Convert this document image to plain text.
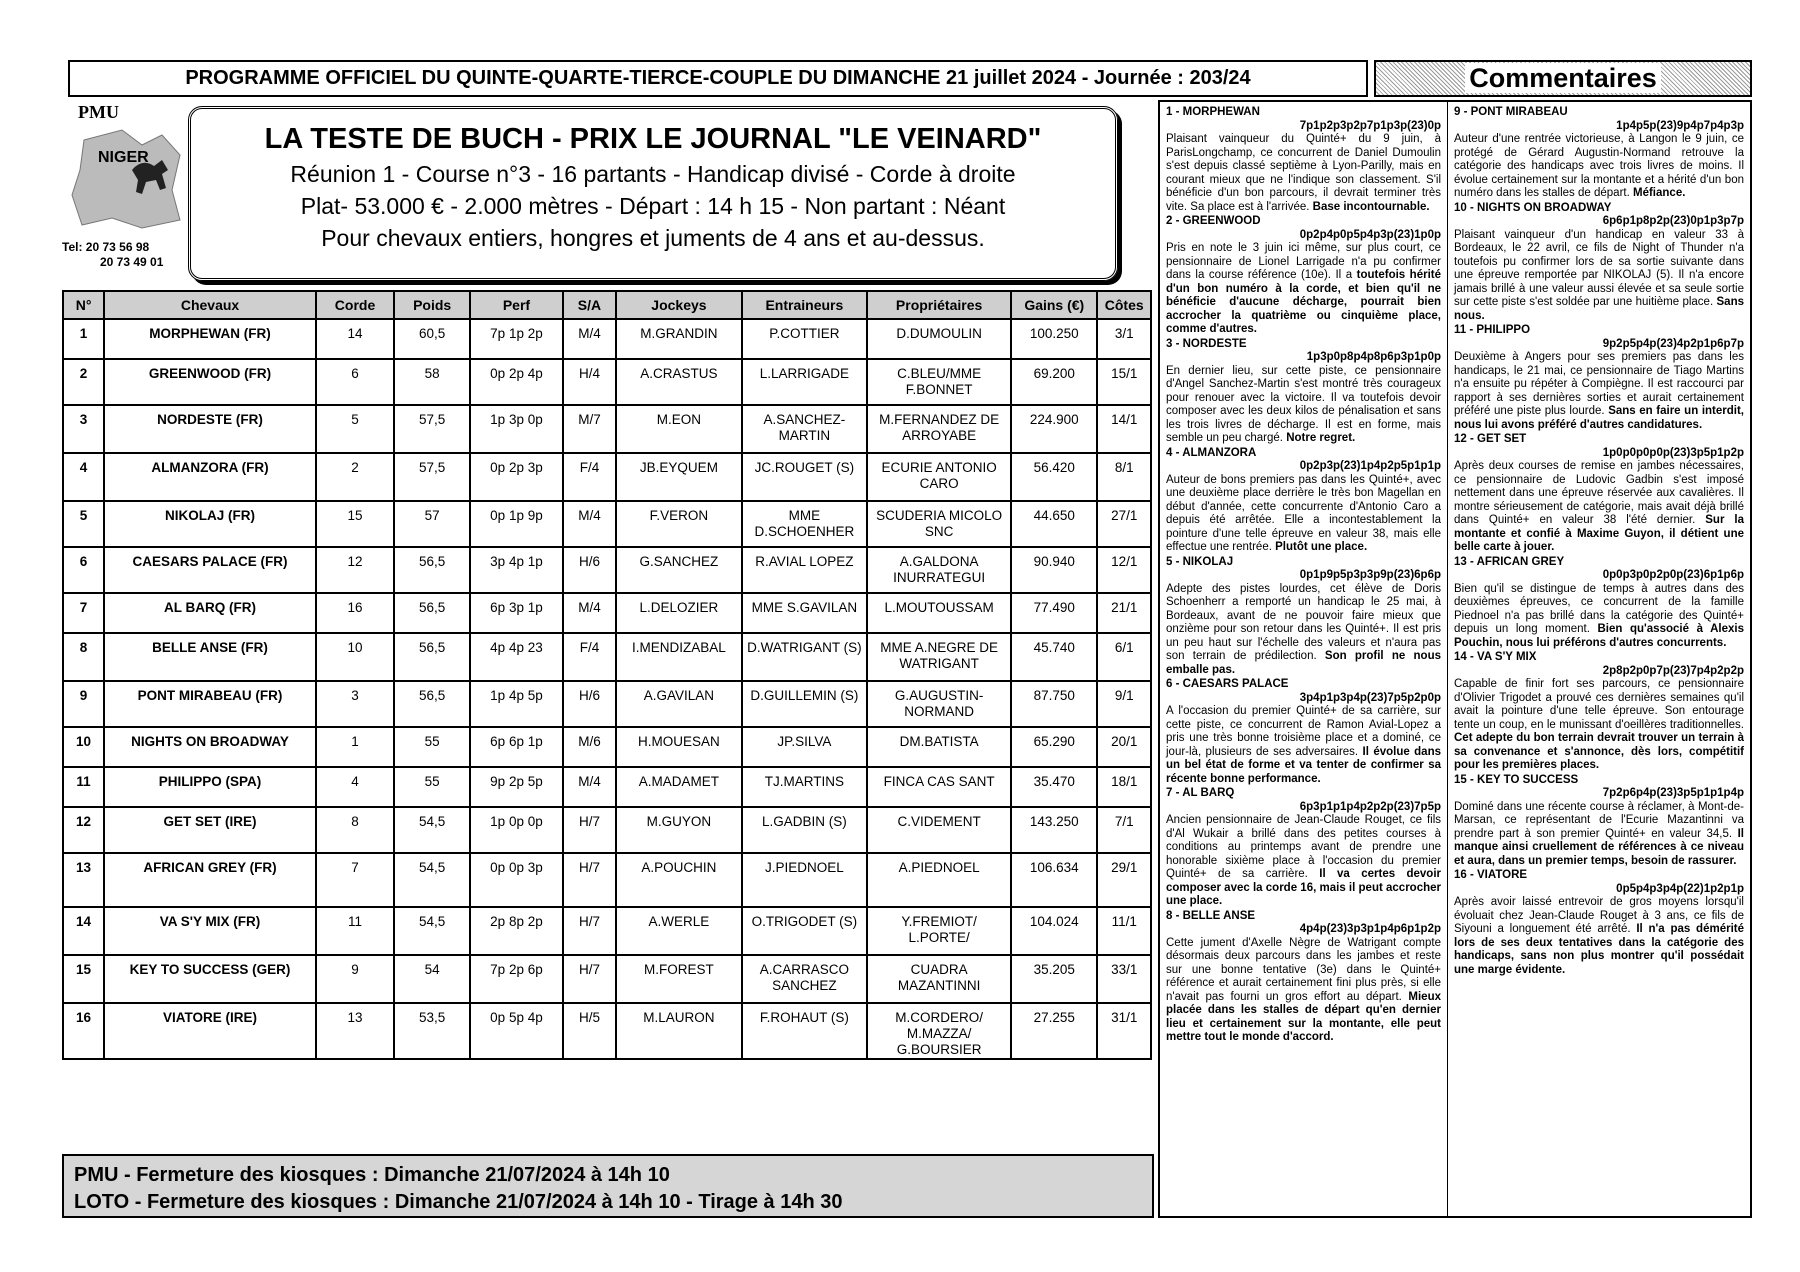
PROGRAMME OFFICIEL DU QUINTE-QUARTE-TIERCE-COUPLE DU DIMANCHE 21 juillet 2024 - Journée : 203/24	Commentaires
PMU
NIGER
Tel: 20 73 56 98
20 73 49 01
LA TESTE DE BUCH - PRIX LE JOURNAL "LE VEINARD"
Réunion 1 - Course n°3 - 16 partants - Handicap divisé - Corde à droite
Plat- 53.000 € - 2.000 mètres - Départ : 14 h 15 - Non partant : Néant
Pour chevaux entiers, hongres et juments de 4 ans et au-dessus.
N°	Chevaux	Corde	Poids	Perf	S/A	Jockeys	Entraineurs	Propriétaires	Gains (€)	Côtes
1	MORPHEWAN (FR)	14	60,5	7p 1p 2p	M/4	M.GRANDIN	P.COTTIER	D.DUMOULIN	100.250	3/1
2	GREENWOOD (FR)	6	58	0p 2p 4p	H/4	A.CRASTUS	L.LARRIGADE	C.BLEU/MME F.BONNET	69.200	15/1
3	NORDESTE (FR)	5	57,5	1p 3p 0p	M/7	M.EON	A.SANCHEZ-MARTIN	M.FERNANDEZ DE ARROYABE	224.900	14/1
4	ALMANZORA (FR)	2	57,5	0p 2p 3p	F/4	JB.EYQUEM	JC.ROUGET (S)	ECURIE ANTONIO CARO	56.420	8/1
5	NIKOLAJ (FR)	15	57	0p 1p 9p	M/4	F.VERON	MME D.SCHOENHER	SCUDERIA MICOLO SNC	44.650	27/1
6	CAESARS PALACE (FR)	12	56,5	3p 4p 1p	H/6	G.SANCHEZ	R.AVIAL LOPEZ	A.GALDONA INURRATEGUI	90.940	12/1
7	AL BARQ (FR)	16	56,5	6p 3p 1p	M/4	L.DELOZIER	MME S.GAVILAN	L.MOUTOUSSAM	77.490	21/1
8	BELLE ANSE (FR)	10	56,5	4p 4p 23	F/4	I.MENDIZABAL	D.WATRIGANT (S)	MME A.NEGRE DE WATRIGANT	45.740	6/1
9	PONT MIRABEAU (FR)	3	56,5	1p 4p 5p	H/6	A.GAVILAN	D.GUILLEMIN (S)	G.AUGUSTIN-NORMAND	87.750	9/1
10	NIGHTS ON BROADWAY	1	55	6p 6p 1p	M/6	H.MOUESAN	JP.SILVA	DM.BATISTA	65.290	20/1
11	PHILIPPO (SPA)	4	55	9p 2p 5p	M/4	A.MADAMET	TJ.MARTINS	FINCA CAS SANT	35.470	18/1
12	GET SET (IRE)	8	54,5	1p 0p 0p	H/7	M.GUYON	L.GADBIN (S)	C.VIDEMENT	143.250	7/1
13	AFRICAN GREY (FR)	7	54,5	0p 0p 3p	H/7	A.POUCHIN	J.PIEDNOEL	A.PIEDNOEL	106.634	29/1
14	VA S'Y MIX (FR)	11	54,5	2p 8p 2p	H/7	A.WERLE	O.TRIGODET (S)	Y.FREMIOT/ L.PORTE/	104.024	11/1
15	KEY TO SUCCESS (GER)	9	54	7p 2p 6p	H/7	M.FOREST	A.CARRASCO SANCHEZ	CUADRA MAZANTINNI	35.205	33/1
16	VIATORE (IRE)	13	53,5	0p 5p 4p	H/5	M.LAURON	F.ROHAUT (S)	M.CORDERO/ M.MAZZA/ G.BOURSIER	27.255	31/1
PMU - Fermeture des kiosques : Dimanche 21/07/2024 à 14h 10
LOTO - Fermeture des kiosques : Dimanche 21/07/2024 à 14h 10 - Tirage à 14h 30
1 - MORPHEWAN
7p1p2p3p2p7p1p3p(23)0p

Plaisant vainqueur du Quinté+ du 9 juin, à ParisLongchamp, ce concurrent de Daniel Dumoulin s'est depuis classé septième à Lyon-Parilly, mais en courant mieux que ne l'indique son classement. S'il bénéficie d'un bon parcours, il devrait terminer très vite. Sa place est à l'arrivée. Base incontournable.

2 - GREENWOOD
0p2p4p0p5p4p3p(23)1p0p

Pris en note le 3 juin ici même, sur plus court, ce pensionnaire de Lionel Larrigade n'a pu confirmer dans la course référence (10e). Il a toutefois hérité d'un bon numéro à la corde, et bien qu'il ne bénéficie d'aucune décharge, pourrait bien accrocher la quatrième ou cinquième place, comme d'autres.

3 - NORDESTE
1p3p0p8p4p8p6p3p1p0p

En dernier lieu, sur cette piste, ce pensionnaire d'Angel Sanchez-Martin s'est montré très courageux pour renouer avec la victoire. Il va toutefois devoir composer avec les deux kilos de pénalisation et sans les trois livres de décharge. Il est en forme, mais semble un peu chargé. Notre regret.

4 - ALMANZORA
0p2p3p(23)1p4p2p5p1p1p

Auteur de bons premiers pas dans les Quinté+, avec une deuxième place derrière le très bon Magellan en début d'année, cette concurrente d'Antonio Caro a depuis été arrêtée. Elle a incontestablement la pointure d'une telle épreuve en valeur 38, mais elle effectue une rentrée. Plutôt une place.

5 - NIKOLAJ
0p1p9p5p3p3p9p(23)6p6p

Adepte des pistes lourdes, cet élève de Doris Schoenherr a remporté un handicap le 25 mai, à Bordeaux, avant de ne pouvoir faire mieux que onzième pour son retour dans les Quinté+. Il est pris un peu haut sur l'échelle des valeurs et n'aura pas son terrain de prédilection. Son profil ne nous emballe pas.

6 - CAESARS PALACE
3p4p1p3p4p(23)7p5p2p0p

A l'occasion du premier Quinté+ de sa carrière, sur cette piste, ce concurrent de Ramon Avial-Lopez a pris une très bonne troisième place et a dominé, ce jour-là, plusieurs de ses adversaires. Il évolue dans un bel état de forme et va tenter de confirmer sa récente bonne performance.

7 - AL BARQ
6p3p1p1p4p2p2p(23)7p5p

Ancien pensionnaire de Jean-Claude Rouget, ce fils d'Al Wukair a brillé dans des petites courses à conditions au printemps avant de prendre une honorable sixième place à l'occasion du premier Quinté+ de sa carrière. Il va certes devoir composer avec la corde 16, mais il peut accrocher une place.

8 - BELLE ANSE
4p4p(23)3p3p1p4p6p1p2p

Cette jument d'Axelle Nègre de Watrigant compte désormais deux parcours dans les jambes et reste sur une bonne tentative (3e) dans le Quinté+ référence et aurait certainement fini plus près, si elle n'avait pas fourni un gros effort au départ. Mieux placée dans les stalles de départ qu'en dernier lieu et certainement sur la montante, elle peut mettre tout le monde d'accord.

9 - PONT MIRABEAU
1p4p5p(23)9p4p7p4p3p

Auteur d'une rentrée victorieuse, à Langon le 9 juin, ce protégé de Gérard Augustin-Normand retrouve la catégorie des handicaps avec trois livres de moins. Il évolue certainement sur la montante et a hérité d'un bon numéro dans les stalles de départ. Méfiance.

10 - NIGHTS ON BROADWAY
6p6p1p8p2p(23)0p1p3p7p

Plaisant vainqueur d'un handicap en valeur 33 à Bordeaux, le 22 avril, ce fils de Night of Thunder n'a toutefois pu confirmer lors de sa sortie suivante dans une épreuve remportée par NIKOLAJ (5). Il n'a encore jamais brillé à une valeur aussi élevée et sa seule sortie sur cette piste s'est soldée par une huitième place. Sans nous.

11 - PHILIPPO
9p2p5p4p(23)4p2p1p6p7p

Deuxième à Angers pour ses premiers pas dans les handicaps, le 21 mai, ce pensionnaire de Tiago Martins n'a ensuite pu répéter à Compiègne. Il est raccourci par rapport à ses dernières sorties et aurait certainement préféré une piste plus lourde. Sans en faire un interdit, nous lui avons préféré d'autres candidatures.

12 - GET SET
1p0p0p0p0p(23)3p5p1p2p

Après deux courses de remise en jambes nécessaires, ce pensionnaire de Ludovic Gadbin s'est imposé nettement dans une épreuve réservée aux cavalières. Il montre sérieusement de catégorie, mais avait déjà brillé dans Quinté+ en valeur 38 l'été dernier. Sur la montante et confié à Maxime Guyon, il détient une belle carte à jouer.

13 - AFRICAN GREY
0p0p3p0p2p0p(23)6p1p6p

Bien qu'il se distingue de temps à autres dans des deuxièmes épreuves, ce concurrent de la famille Piednoel n'a pas brillé dans la catégorie des Quinté+ depuis un long moment. Bien qu'associé à Alexis Pouchin, nous lui préférons d'autres concurrents.

14 - VA S'Y MIX
2p8p2p0p7p(23)7p4p2p2p

Capable de finir fort ses parcours, ce pensionnaire d'Olivier Trigodet a prouvé ces dernières semaines qu'il avait la pointure d'une telle épreuve. Son entourage tente un coup, en le munissant d'oeillères traditionnelles. Cet adepte du bon terrain devrait trouver un terrain à sa convenance et s'annonce, dès lors, compétitif pour les premières places.

15 - KEY TO SUCCESS
7p2p6p4p(23)3p5p1p1p4p

Dominé dans une récente course à réclamer, à Mont-de-Marsan, ce représentant de l'Ecurie Mazantinni va prendre part à son premier Quinté+ en valeur 34,5. Il manque ainsi cruellement de références à ce niveau et aura, dans un premier temps, besoin de rassurer.

16 - VIATORE
0p5p4p3p4p(22)1p2p1p

Après avoir laissé entrevoir de gros moyens lorsqu'il évoluait chez Jean-Claude Rouget à 3 ans, ce fils de Siyouni a longuement été arrêté. Il n'a pas démérité lors de ses deux tentatives dans la catégorie des handicaps, sans non plus montrer qu'il possédait une marge évidente.
